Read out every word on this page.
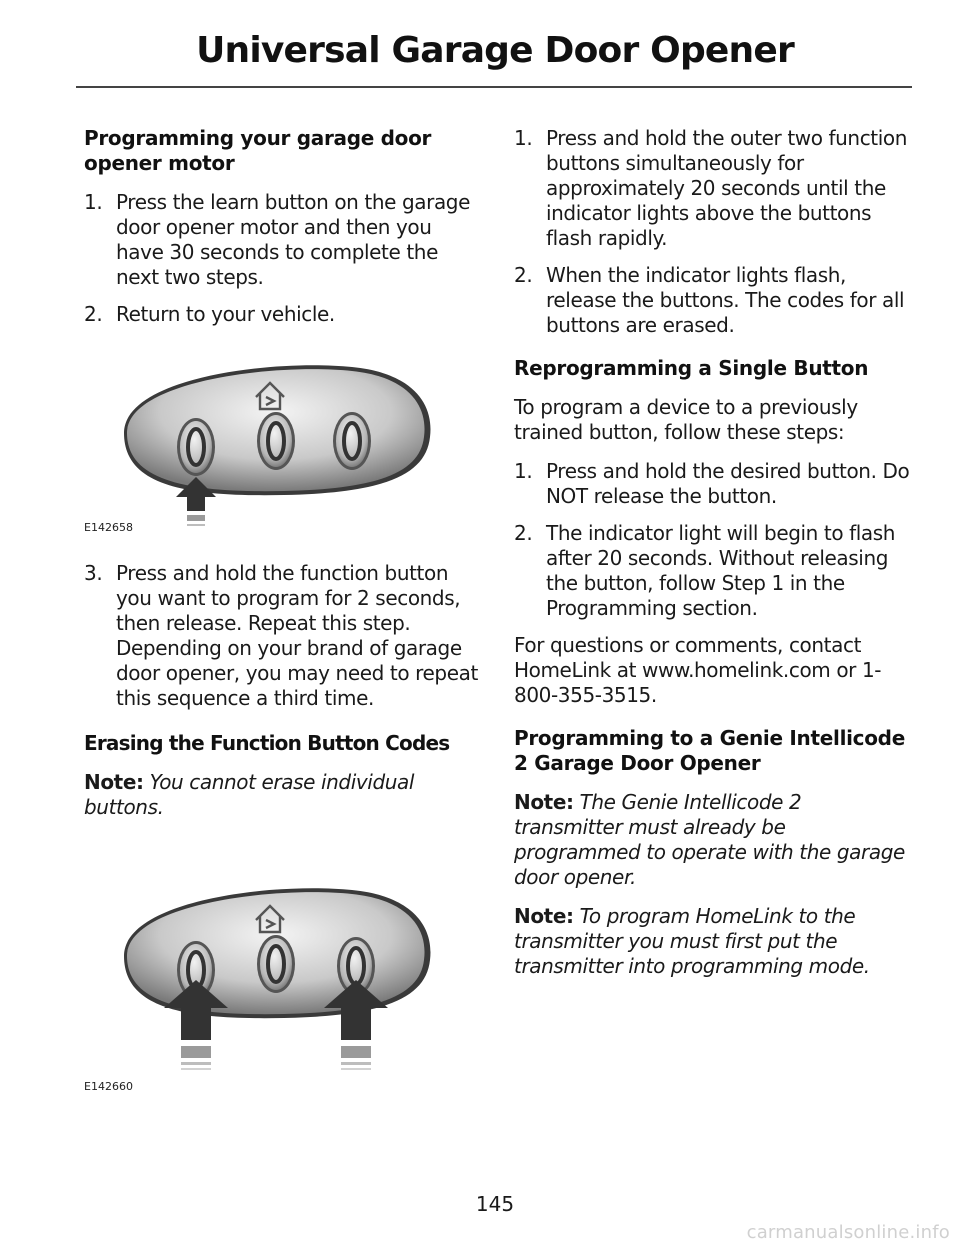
Universal Garage Door Opener
Programming your garage door opener motor
1. Press the learn button on the garage door opener motor and then you have 30 seconds to complete the next two steps.
2. Return to your vehicle.
E142658
3. Press and hold the function button you want to program for 2 seconds, then release. Repeat this step. Depending on your brand of garage door opener, you may need to repeat this sequence a third time.
Erasing the Function Button Codes

Note: You cannot erase individual buttons.

E142660
1. Press and hold the outer two function buttons simultaneously for approximately 20 seconds until the indicator lights above the buttons flash rapidly.
2. When the indicator lights flash, release the buttons. The codes for all buttons are erased.
Reprogramming a Single Button

To program a device to a previously trained button, follow these steps:

1. Press and hold the desired button. Do NOT release the button.
2. The indicator light will begin to flash after 20 seconds. Without releasing the button, follow Step 1 in the Programming section.

For questions or comments, contact HomeLink at www.homelink.com or 1-800-355-3515.

Programming to a Genie Intellicode 2 Garage Door Opener

Note: The Genie Intellicode 2 transmitter must already be programmed to operate with the garage door opener.

Note: To program HomeLink to the transmitter you must first put the transmitter into programming mode.

145
carmanualsonline.info
